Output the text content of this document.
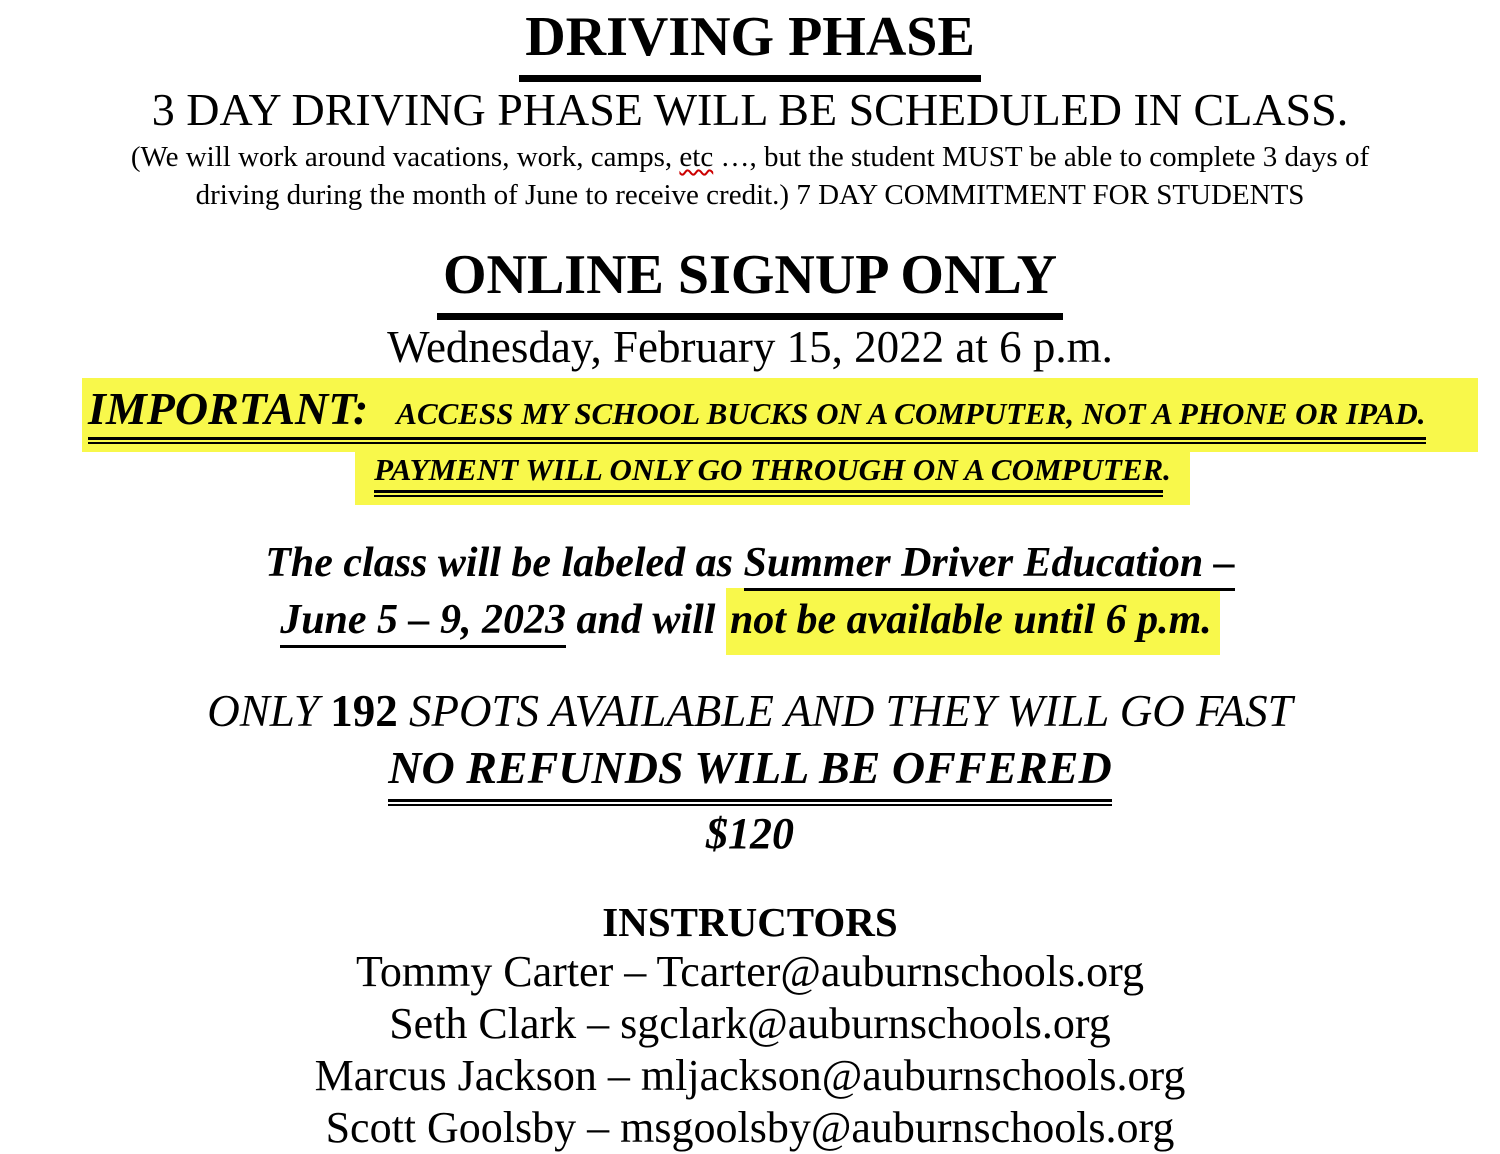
DRIVING PHASE
3 DAY DRIVING PHASE WILL BE SCHEDULED IN CLASS.
(We will work around vacations, work, camps, etc …, but the student MUST be able to complete 3 days of
driving during the month of June to receive credit.) 7 DAY COMMITMENT FOR STUDENTS
ONLINE SIGNUP ONLY
Wednesday, February 15, 2022 at 6 p.m.
IMPORTANT: ACCESS MY SCHOOL BUCKS ON A COMPUTER, NOT A PHONE OR IPAD.
PAYMENT WILL ONLY GO THROUGH ON A COMPUTER.
The class will be labeled as Summer Driver Education –
June 5 – 9, 2023 and will not be available until 6 p.m.
ONLY 192 SPOTS AVAILABLE AND THEY WILL GO FAST
NO REFUNDS WILL BE OFFERED
$120
INSTRUCTORS
Tommy Carter – Tcarter@auburnschools.org
Seth Clark – sgclark@auburnschools.org
Marcus Jackson – mljackson@auburnschools.org
Scott Goolsby – msgoolsby@auburnschools.org
